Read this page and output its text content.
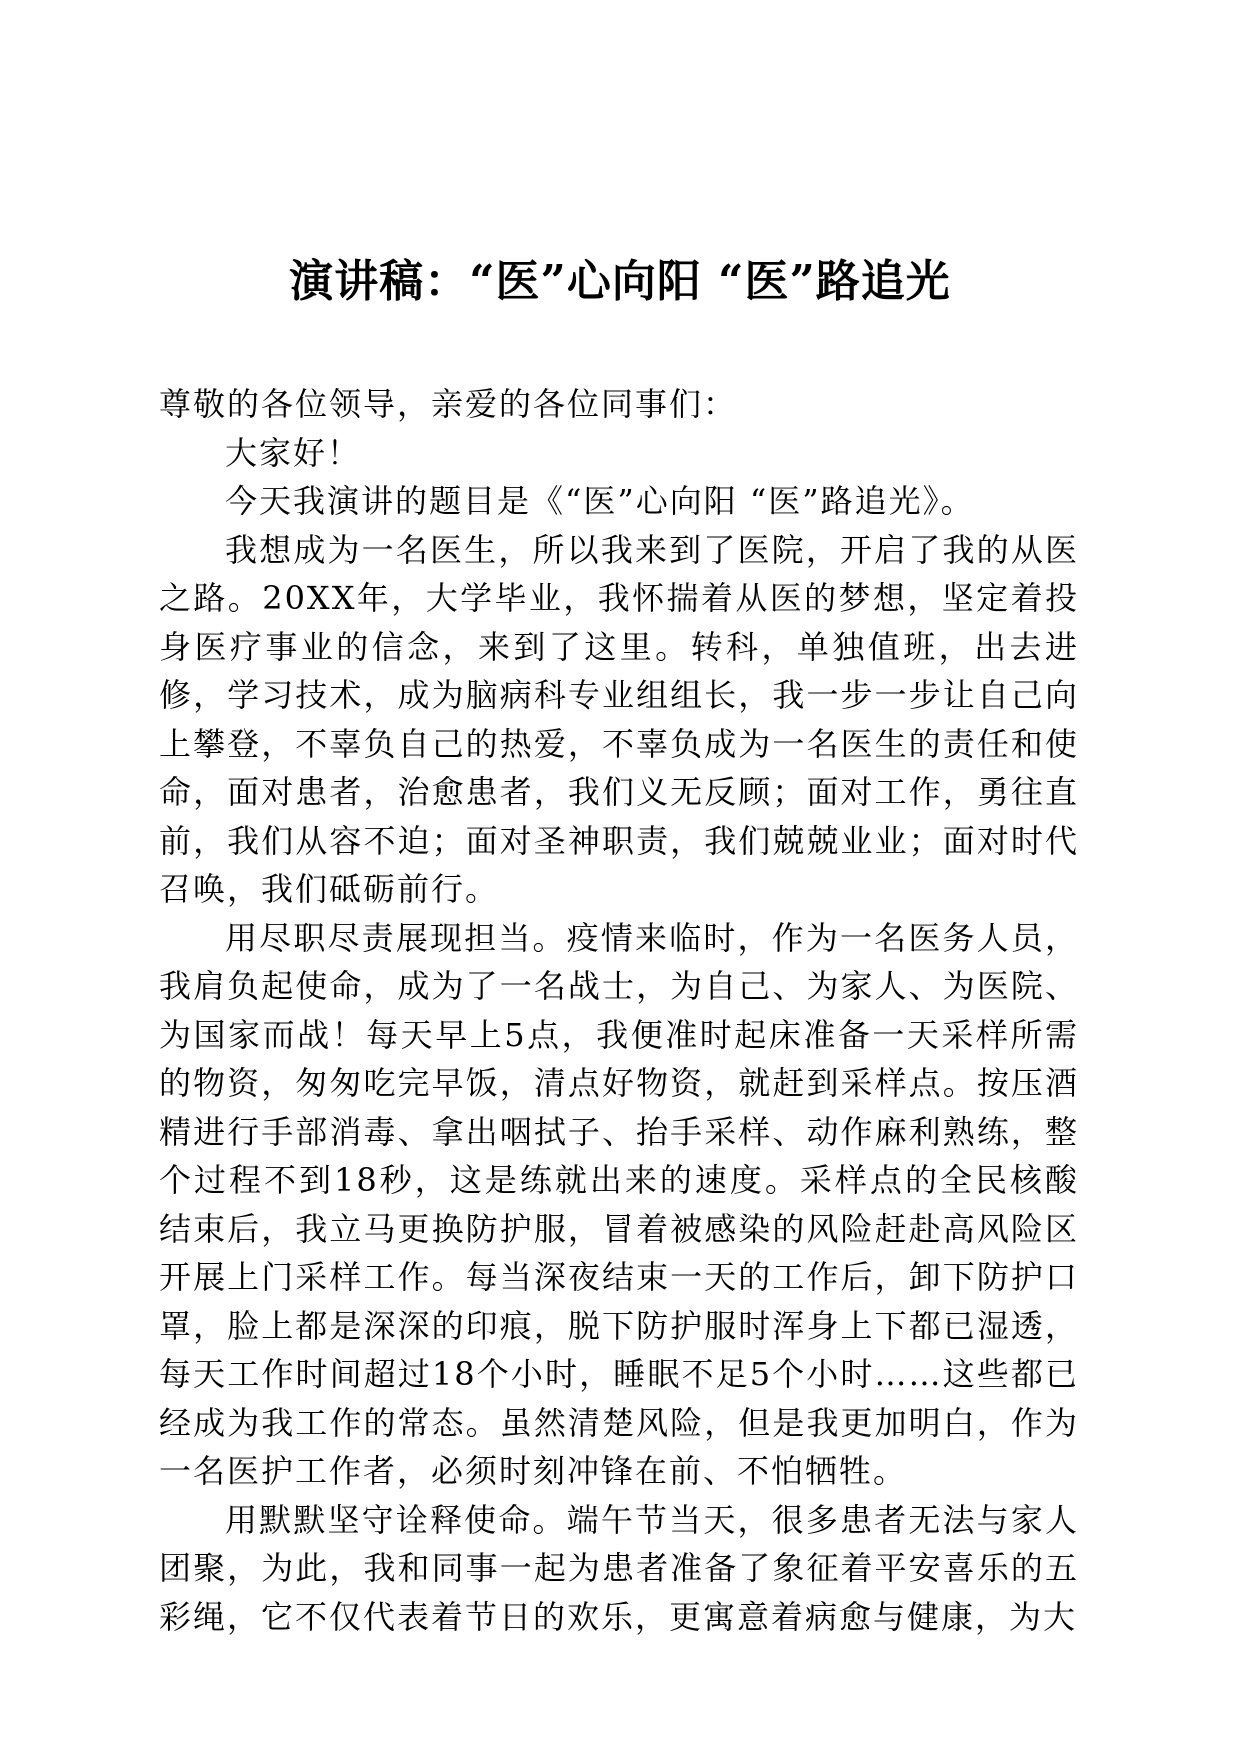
演讲稿：“医”心向阳 “医”路追光

尊敬的各位领导，亲爱的各位同事们：

大家好！

今天我演讲的题目是《“医”心向阳 “医”路追光》。

我想成为一名医生，所以我来到了医院，开启了我的从医之路。20XX年，大学毕业，我怀揣着从医的梦想，坚定着投身医疗事业的信念，来到了这里。转科，单独值班，出去进修，学习技术，成为脑病科专业组组长，我一步一步让自己向上攀登，不辜负自己的热爱，不辜负成为一名医生的责任和使命，面对患者，治愈患者，我们义无反顾；面对工作，勇往直前，我们从容不迫；面对圣神职责，我们兢兢业业；面对时代召唤，我们砥砺前行。

用尽职尽责展现担当。疫情来临时，作为一名医务人员，我肩负起使命，成为了一名战士，为自己、为家人、为医院、为国家而战！每天早上5点，我便准时起床准备一天采样所需的物资，匆匆吃完早饭，清点好物资，就赶到采样点。按压酒精进行手部消毒、拿出咽拭子、抬手采样、动作麻利熟练，整个过程不到18秒，这是练就出来的速度。采样点的全民核酸结束后，我立马更换防护服，冒着被感染的风险赶赴高风险区开展上门采样工作。每当深夜结束一天的工作后，卸下防护口罩，脸上都是深深的印痕，脱下防护服时浑身上下都已湿透，每天工作时间超过18个小时，睡眠不足5个小时……这些都已经成为我工作的常态。虽然清楚风险，但是我更加明白，作为一名医护工作者，必须时刻冲锋在前、不怕牺牲。

用默默坚守诠释使命。端午节当天，很多患者无法与家人团聚，为此，我和同事一起为患者准备了象征着平安喜乐的五彩绳，它不仅代表着节日的欢乐，更寓意着病愈与健康，为大
